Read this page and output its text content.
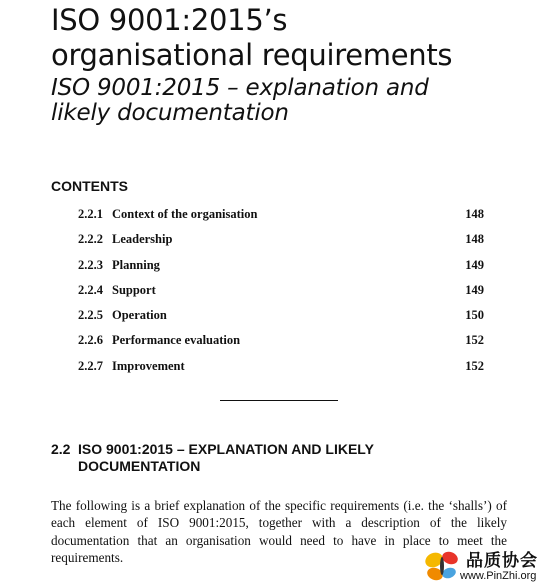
ISO 9001:2015’s
organisational requirements
ISO 9001:2015 – explanation and
likely documentation
CONTENTS
2.2.1 Context of the organisation	148
2.2.2 Leadership	148
2.2.3 Planning	149
2.2.4 Support	149
2.2.5 Operation	150
2.2.6 Performance evaluation	152
2.2.7 Improvement	152
2.2 ISO 9001:2015 – EXPLANATION AND LIKELY DOCUMENTATION

The following is a brief explanation of the specific requirements (i.e. the ‘shalls’) of each element of ISO 9001:2015, together with a description of the likely documentation that an organisation would need to have in place to meet the requirements.	品质协会
www.PinZhi.org
